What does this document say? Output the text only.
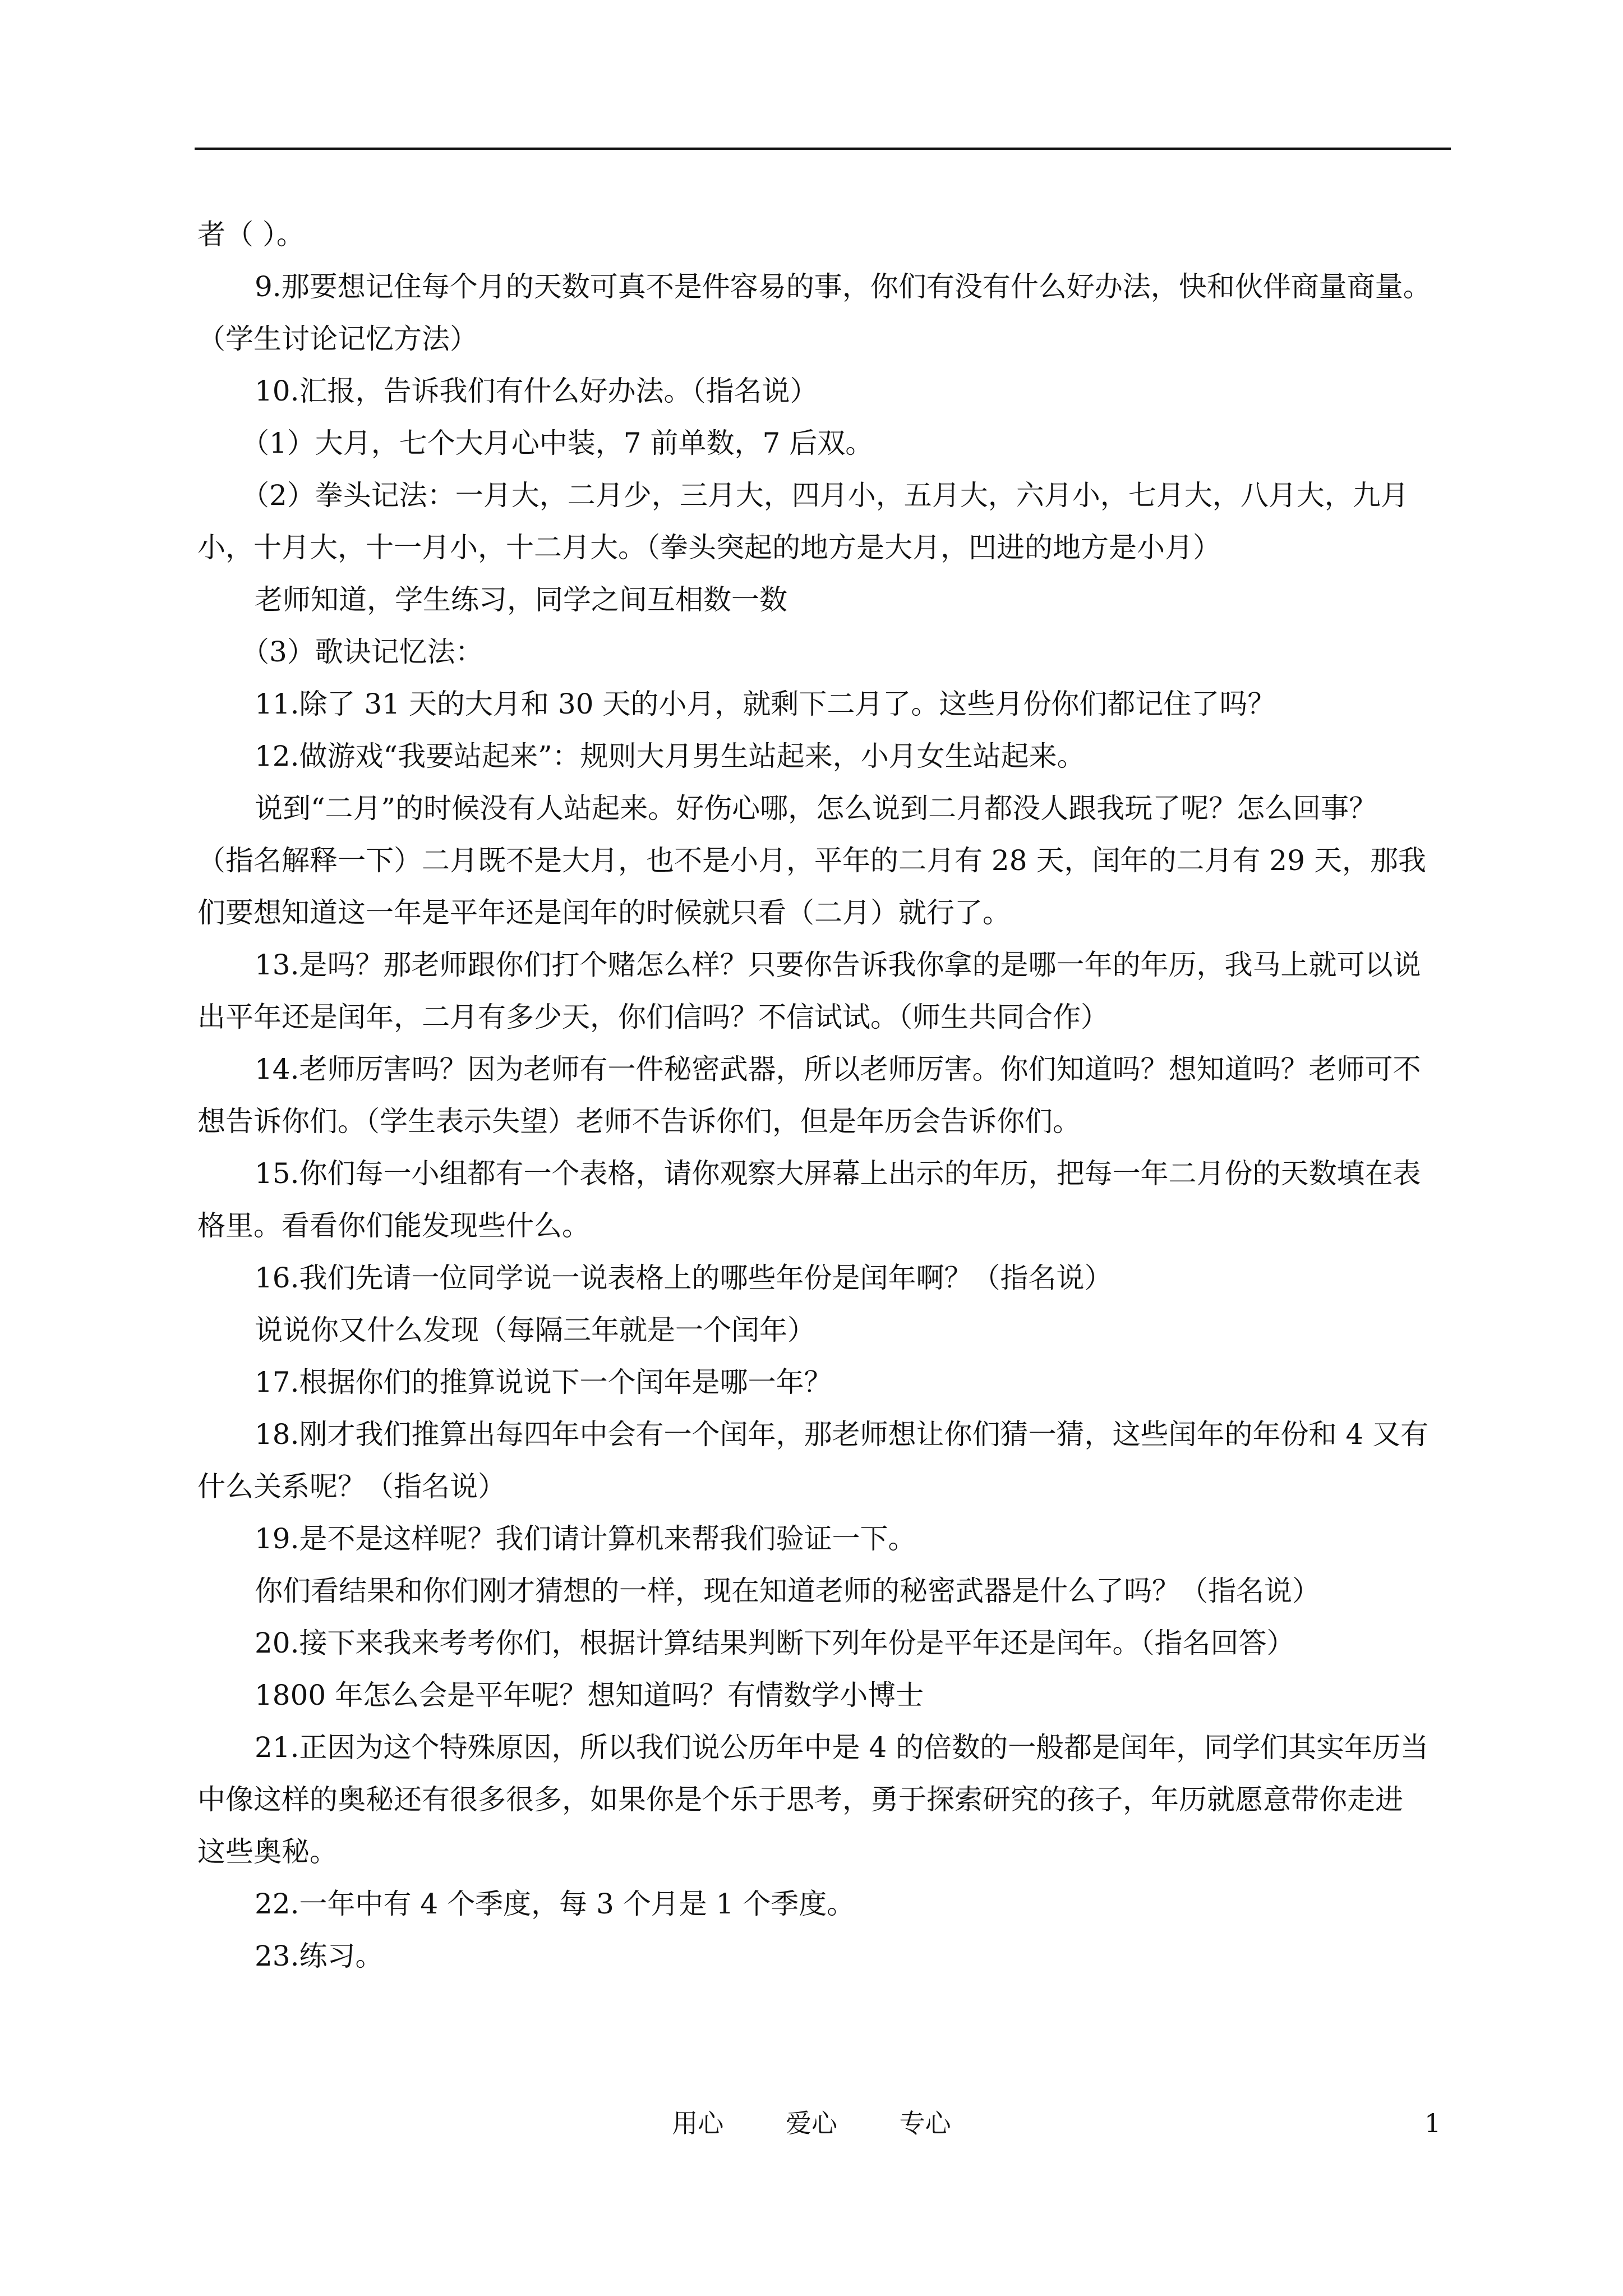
者（ ）。

9.那要想记住每个月的天数可真不是件容易的事，你们有没有什么好办法，快和伙伴商量商量。

（学生讨论记忆方法）

10.汇报，告诉我们有什么好办法。（指名说）

（1）大月，七个大月心中装，7 前单数，7 后双。

（2）拳头记法：一月大，二月少，三月大，四月小，五月大，六月小，七月大，八月大，九月

小，十月大，十一月小，十二月大。（拳头突起的地方是大月，凹进的地方是小月）

老师知道，学生练习，同学之间互相数一数

（3）歌诀记忆法：

11.除了 31 天的大月和 30 天的小月，就剩下二月了。这些月份你们都记住了吗？

12.做游戏“我要站起来”：规则大月男生站起来，小月女生站起来。

说到“二月”的时候没有人站起来。好伤心哪，怎么说到二月都没人跟我玩了呢？怎么回事？

（指名解释一下）二月既不是大月，也不是小月，平年的二月有 28 天，闰年的二月有 29 天，那我

们要想知道这一年是平年还是闰年的时候就只看（二月）就行了。

13.是吗？那老师跟你们打个赌怎么样？只要你告诉我你拿的是哪一年的年历，我马上就可以说

出平年还是闰年，二月有多少天，你们信吗？不信试试。（师生共同合作）

14.老师厉害吗？因为老师有一件秘密武器，所以老师厉害。你们知道吗？想知道吗？老师可不

想告诉你们。（学生表示失望）老师不告诉你们，但是年历会告诉你们。

15.你们每一小组都有一个表格，请你观察大屏幕上出示的年历，把每一年二月份的天数填在表

格里。看看你们能发现些什么。

16.我们先请一位同学说一说表格上的哪些年份是闰年啊？（指名说）

说说你又什么发现（每隔三年就是一个闰年）

17.根据你们的推算说说下一个闰年是哪一年？

18.刚才我们推算出每四年中会有一个闰年，那老师想让你们猜一猜，这些闰年的年份和 4 又有

什么关系呢？（指名说）

19.是不是这样呢？我们请计算机来帮我们验证一下。

你们看结果和你们刚才猜想的一样，现在知道老师的秘密武器是什么了吗？（指名说）

20.接下来我来考考你们，根据计算结果判断下列年份是平年还是闰年。（指名回答）

1800 年怎么会是平年呢？想知道吗？有情数学小博士

21.正因为这个特殊原因，所以我们说公历年中是 4 的倍数的一般都是闰年，同学们其实年历当

中像这样的奥秘还有很多很多，如果你是个乐于思考，勇于探索研究的孩子，年历就愿意带你走进

这些奥秘。

22.一年中有 4 个季度，每 3 个月是 1 个季度。

23.练习。

用心 爱心 专心	1
